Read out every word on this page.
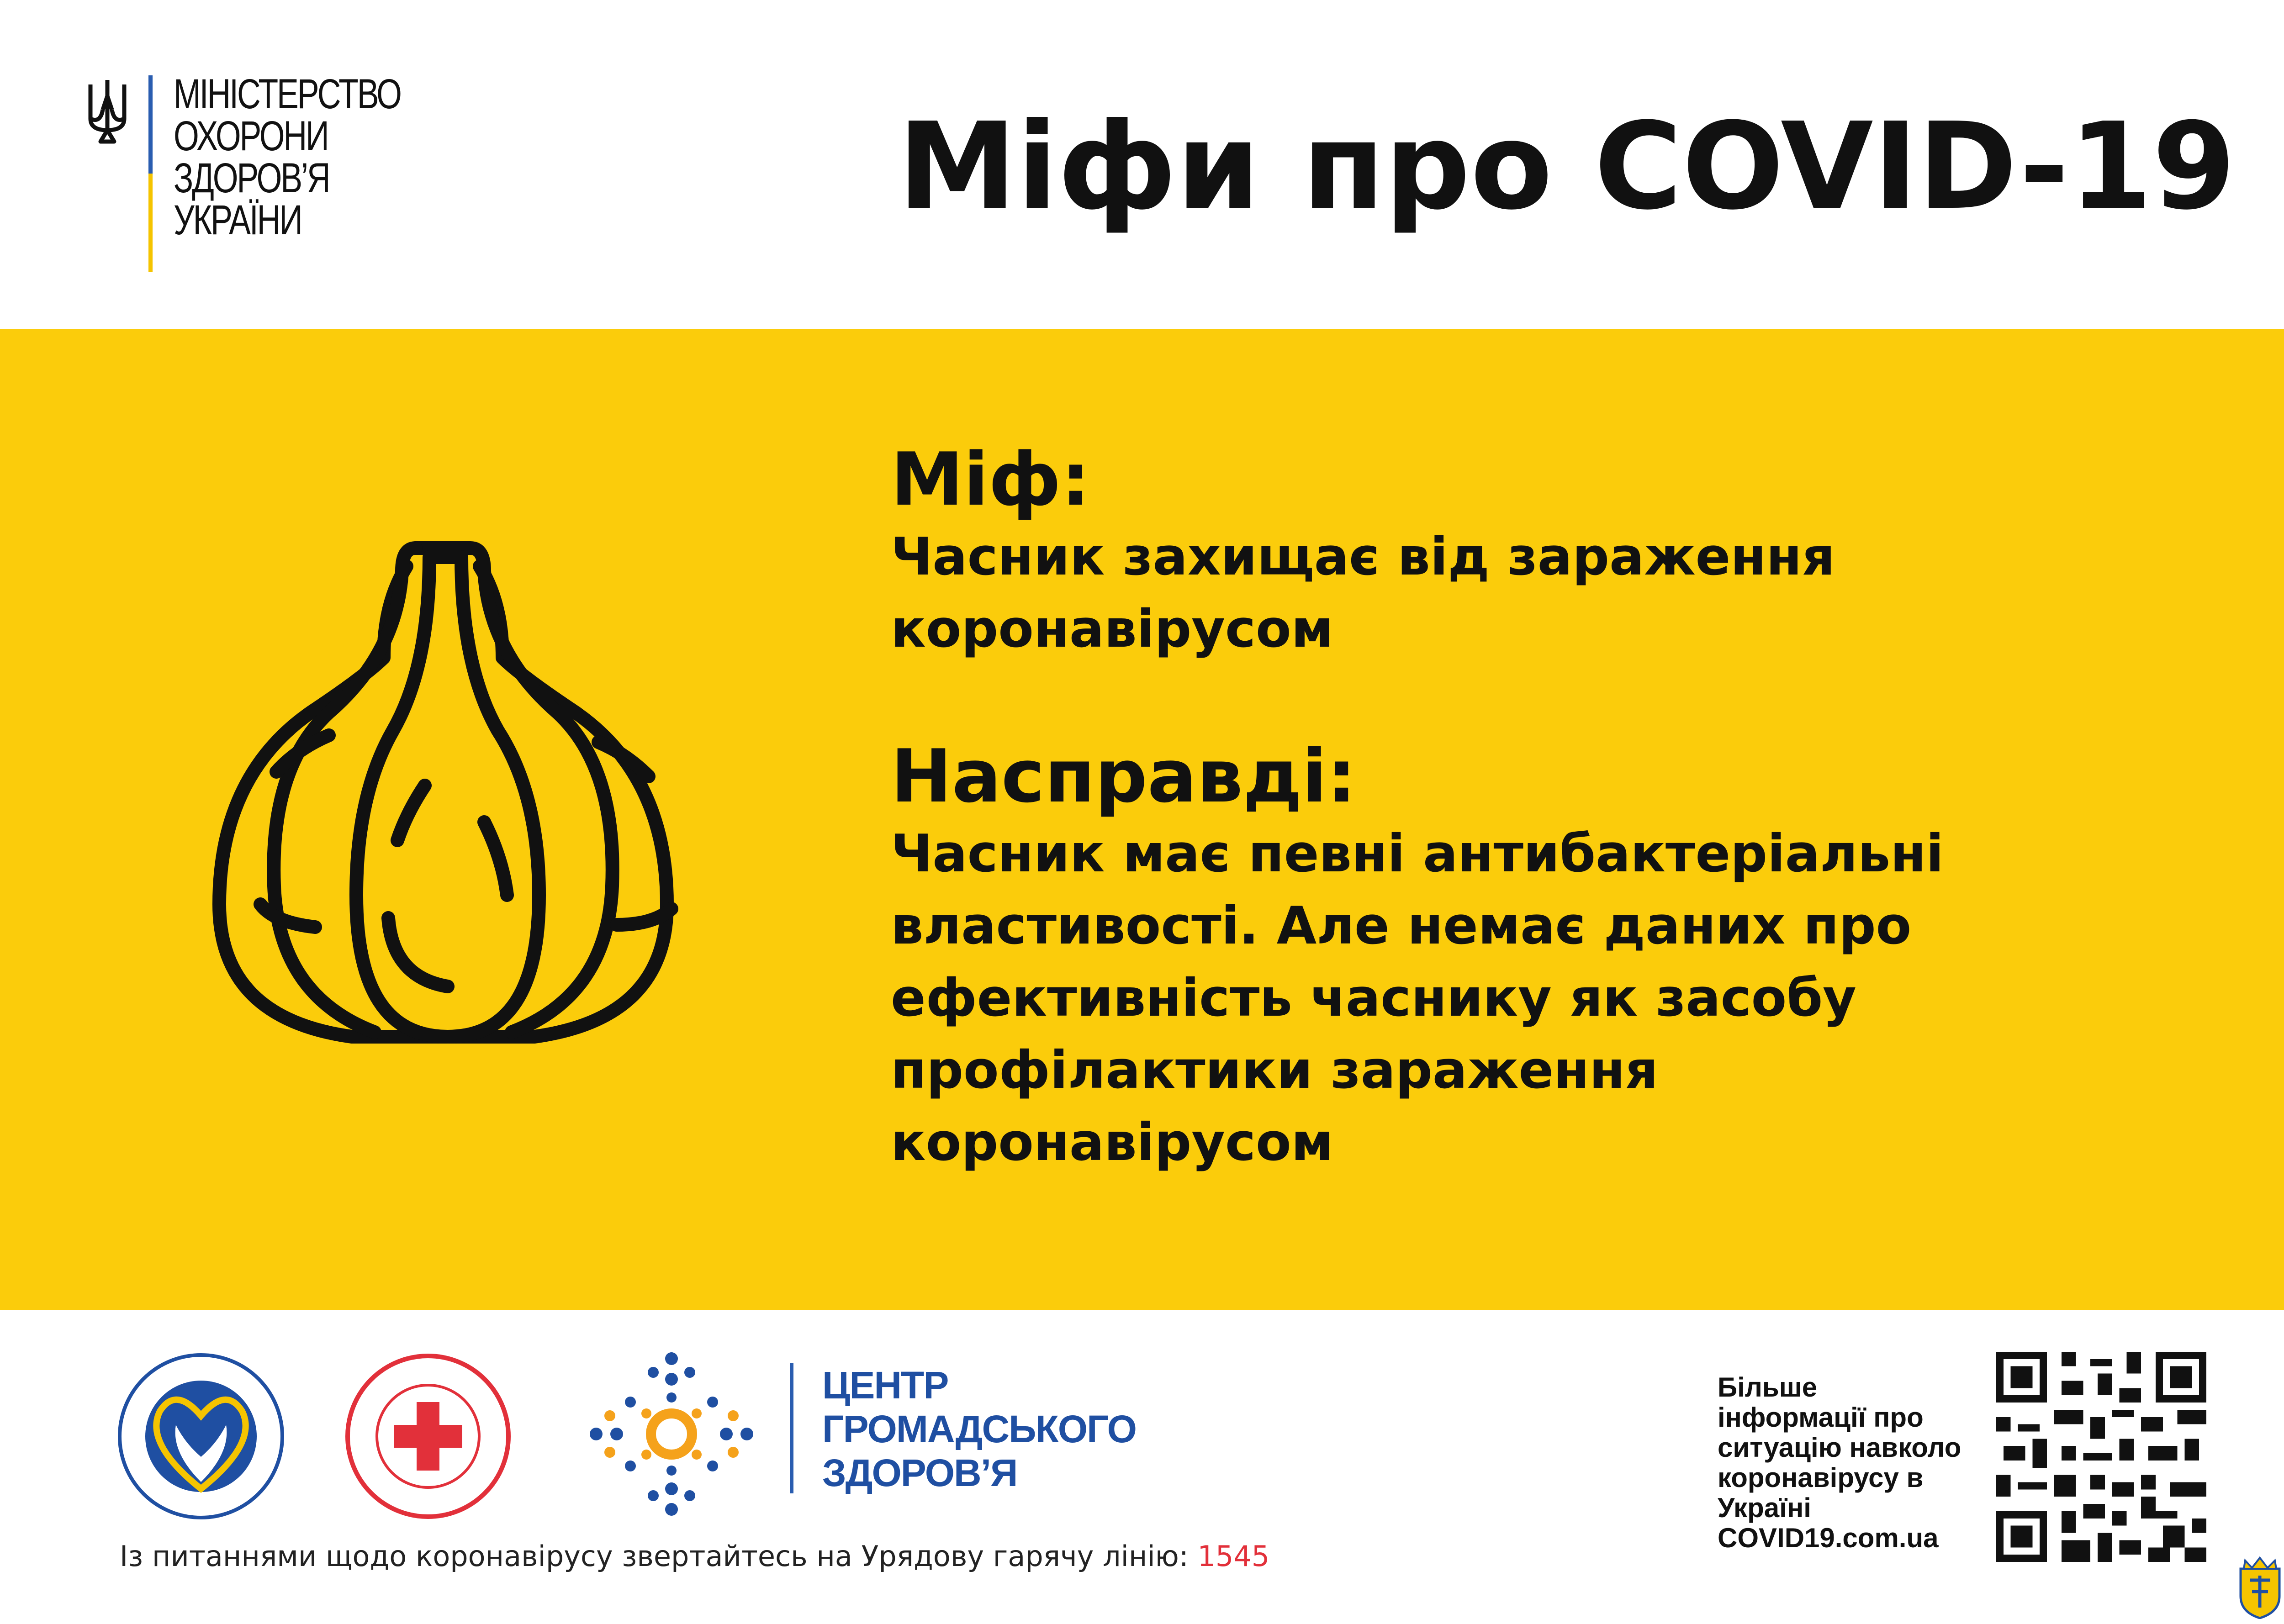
МІНІСТЕРСТВО
ОХОРОНИ
ЗДОРОВ’Я
УКРАЇНИ	Міфи про COVID-19
Міф:
Часник захищає від зараження
коронавірусом
Насправді:
Часник має певні антибактеріальні
властивості. Але немає даних про
ефективність часнику як засобу
профілактики зараження
коронавірусом
ЦЕНТР
ГРОМАДСЬКОГО
ЗДОРОВ’Я
Із питаннями щодо коронавірусу звертайтесь на Урядову гарячу лінію: 1545
Більше
інформації про
ситуацію навколо
коронавірусу в
Україні
COVID19.com.ua
